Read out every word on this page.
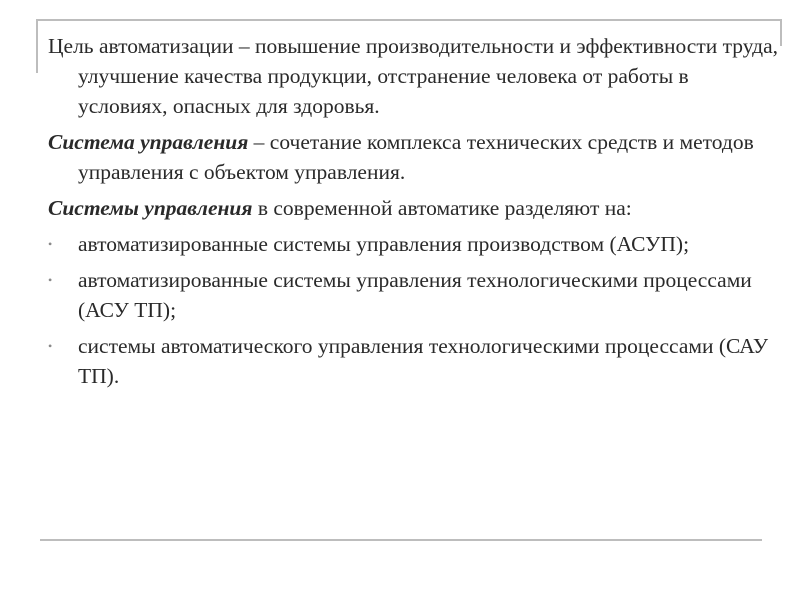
Цель автоматизации – повышение производительности и эффективности труда, улучшение качества продукции, отстранение человека от работы в условиях, опасных для здоровья.

Система управления – сочетание комплекса технических средств и методов управления с объектом управления.

Системы управления в современной автоматике разделяют на:

•	автоматизированные системы управления производством (АСУП);
•	автоматизированные системы управления технологическими процессами (АСУ ТП);
•	системы автоматического управления технологическими процессами (САУ ТП).
